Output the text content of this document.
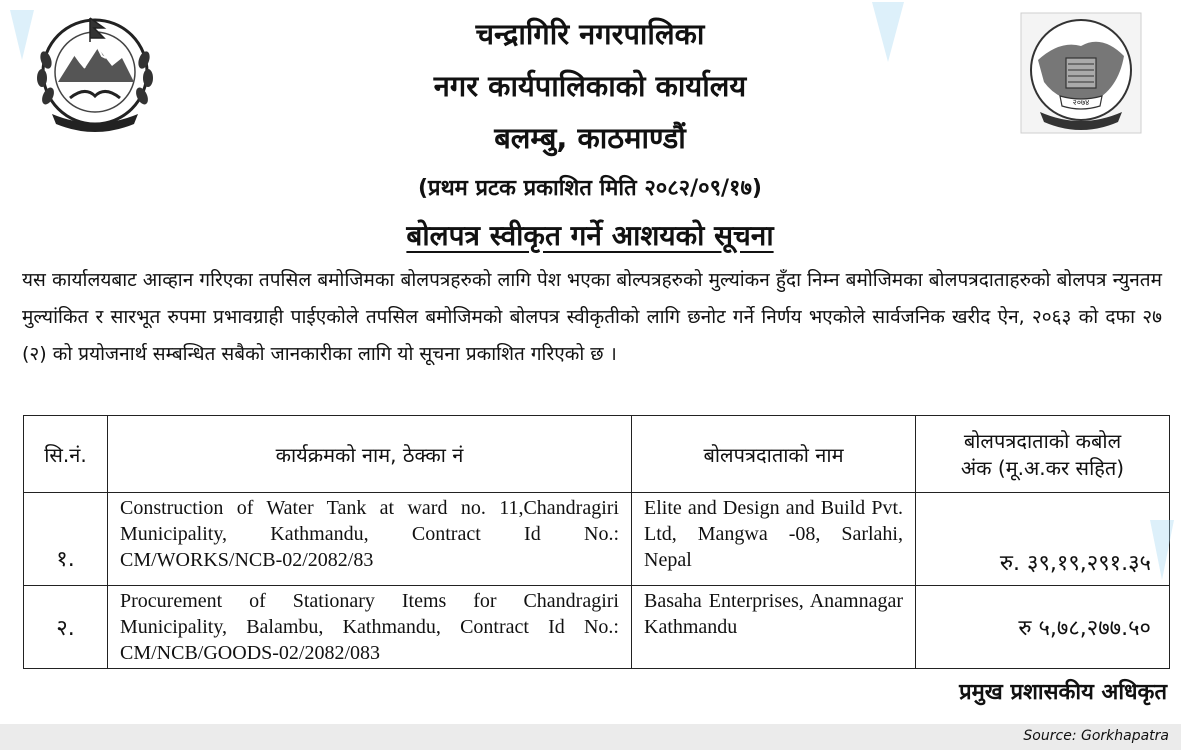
२०७४
चन्द्रागिरि नगरपालिका
नगर कार्यपालिकाको कार्यालय
बलम्बु, काठमाण्डौं
(प्रथम प्रटक प्रकाशित मिति २०८२/०९/१७)
बोलपत्र स्वीकृत गर्ने आशयको सूचना
यस कार्यालयबाट आव्हान गरिएका तपसिल बमोजिमका बोलपत्रहरुको लागि पेश भएका बोल्पत्रहरुको मुल्यांकन हुँदा निम्न बमोजिमका बोलपत्रदाताहरुको बोलपत्र न्युनतम मुल्यांकित र सारभूत रुपमा प्रभावग्राही पाईएकोले तपसिल बमोजिमको बोलपत्र स्वीकृतीको लागि छनोट गर्ने निर्णय भएकोले सार्वजनिक खरीद ऐन, २०६३ को दफा २७ (२) को प्रयोजनार्थ सम्बन्धित सबैको जानकारीका लागि यो सूचना प्रकाशित गरिएको छ ।
सि.नं.	कार्यक्रमको नाम, ठेक्का नं	बोलपत्रदाताको नाम	बोलपत्रदाताको कबोल
अंक (मू.अ.कर सहित)

१.	Construction of Water Tank at ward no. 11,Chandragiri Municipality, Kathmandu, Contract Id No.: CM/WORKS/NCB-02/2082/83	Elite and Design and Build Pvt. Ltd, Mangwa -08, Sarlahi, Nepal	रु. ३९,१९,२९१.३५
२.	Procurement of Stationary Items for Chandragiri Municipality, Balambu, Kathmandu, Contract Id No.: CM/NCB/GOODS-02/2082/083	Basaha Enterprises, Anamnagar Kathmandu	रु ५,७८,२७७.५०
प्रमुख प्रशासकीय अधिकृत
Source: Gorkhapatra
